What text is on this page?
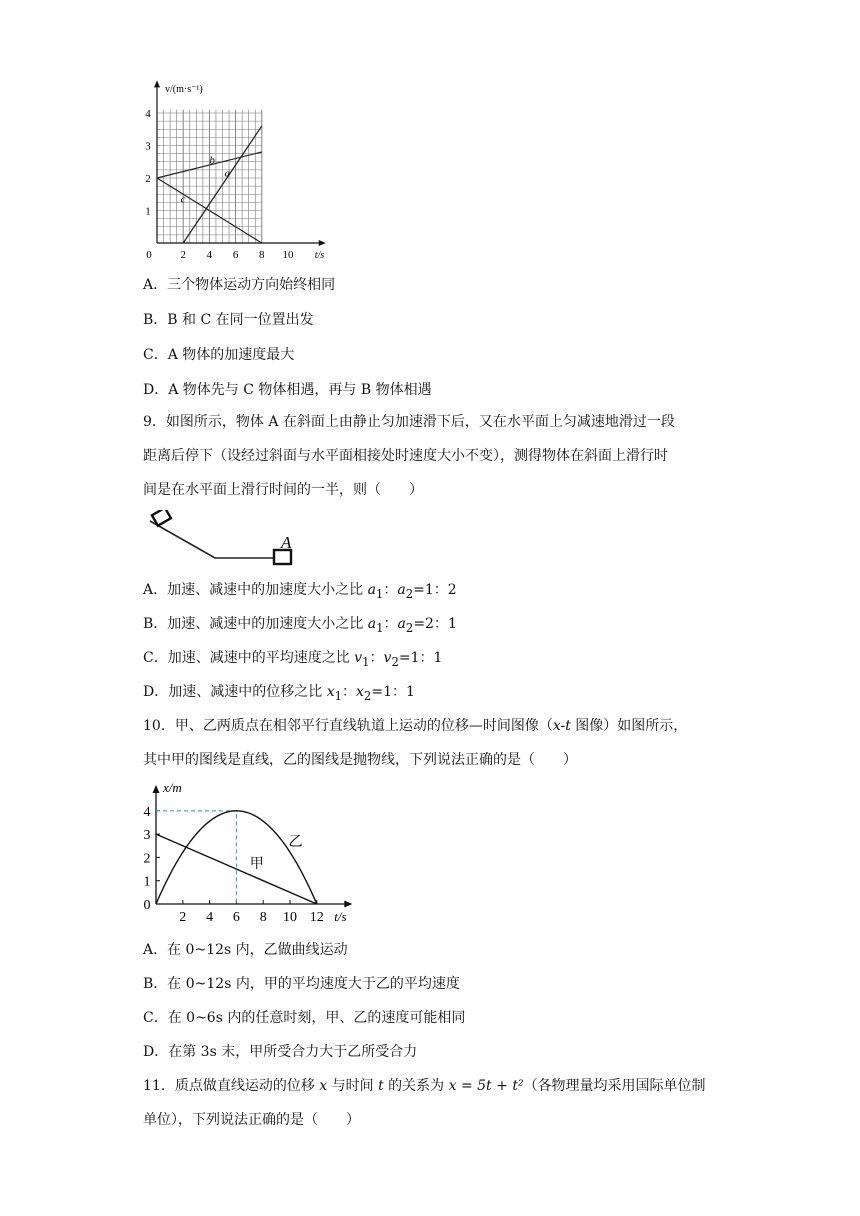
0	2 4 6 8 10
1
2
3
4
v/(m·s⁻¹)
t/s
a
b
c
A．三个物体运动方向始终相同
B．B 和 C 在同一位置出发
C．A 物体的加速度最大
D．A 物体先与 C 物体相遇，再与 B 物体相遇
9．如图所示，物体 A 在斜面上由静止匀加速滑下后，又在水平面上匀减速地滑过一段
距离后停下（设经过斜面与水平面相接处时速度大小不变），测得物体在斜面上滑行时
间是在水平面上滑行时间的一半，则（　　）
A
A．加速、减速中的加速度大小之比 $a_1$：$a_2=1$：2
B．加速、减速中的加速度大小之比 $a_1$：$a_2=2$：1
C．加速、减速中的平均速度之比 $v_1$：$v_2=1$：1
D．加速、减速中的位移之比 $x_1$：$x_2=1$：1
10．甲、乙两质点在相邻平行直线轨道上运动的位移—时间图像（x-t 图像）如图所示，
其中甲的图线是直线，乙的图线是抛物线，下列说法正确的是（　　）
2 4 6 8 10 12
0
1
2
3
4
x/m
t/s
甲
乙
A．在 0~12s 内，乙做曲线运动
B．在 0~12s 内，甲的平均速度大于乙的平均速度
C．在 0~6s 内的任意时刻，甲、乙的速度可能相同
D．在第 3s 末，甲所受合力大于乙所受合力
11．质点做直线运动的位移 x 与时间 t 的关系为 x = 5t + t²（各物理量均采用国际单位制
单位），下列说法正确的是（　　）
